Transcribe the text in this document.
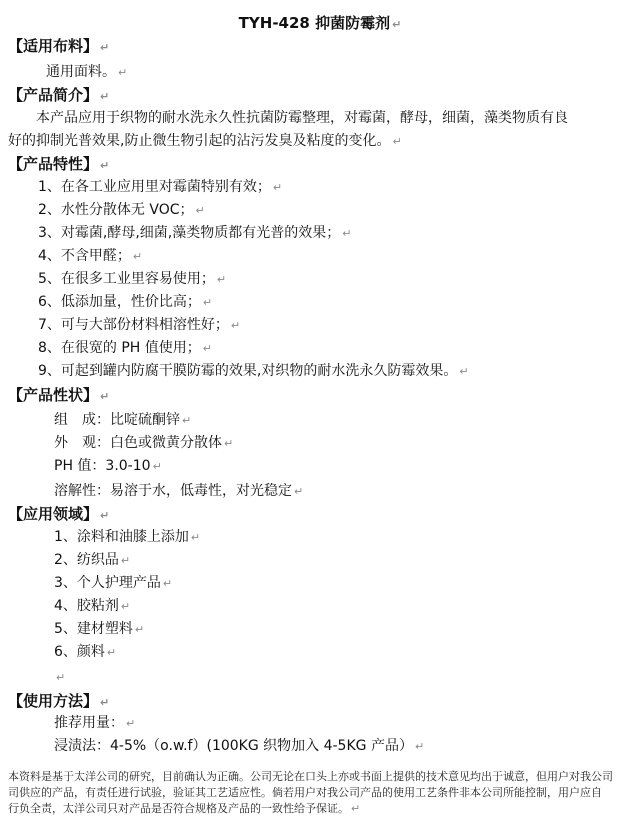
TYH-428 抑菌防霉剂 ↵
【适用布料】 ↵
通用面料。 ↵
【产品简介】 ↵
本产品应用于织物的耐水洗永久性抗菌防霉整理，对霉菌，酵母，细菌，藻类物质有良
好的抑制光普效果,防止微生物引起的沾污发臭及粘度的变化。 ↵
【产品特性】 ↵
1、在各工业应用里对霉菌特别有效； ↵
2、水性分散体无 VOC； ↵
3、对霉菌,酵母,细菌,藻类物质都有光普的效果； ↵
4、不含甲醛； ↵
5、在很多工业里容易使用； ↵
6、低添加量，性价比高； ↵
7、可与大部份材料相溶性好； ↵
8、在很宽的 PH 值使用； ↵
9、可起到罐内防腐干膜防霉的效果,对织物的耐水洗永久防霉效果。 ↵
【产品性状】 ↵
组　成：比啶硫酮锌 ↵
外　观：白色或微黄分散体 ↵
PH 值：3.0-10 ↵
溶解性：易溶于水，低毒性，对光稳定 ↵
【应用领域】 ↵
1、涂料和油膝上添加 ↵
2、纺织品 ↵
3、个人护理产品 ↵
4、胶粘剂 ↵
5、建材塑料 ↵
6、颜料 ↵
↵
【使用方法】 ↵
推荐用量： ↵
浸渍法：4-5%（o.w.f）(100KG 织物加入 4-5KG 产品） ↵
本资料是基于太洋公司的研究，目前确认为正确。公司无论在口头上亦或书面上提供的技术意见均出于诚意，但用户对我公司
司供应的产品，有责任进行试验，验证其工艺适应性。倘若用户对我公司产品的使用工艺条件非本公司所能控制，用户应自
行负全责，太洋公司只对产品是否符合规格及产品的一致性给予保证。 ↵
